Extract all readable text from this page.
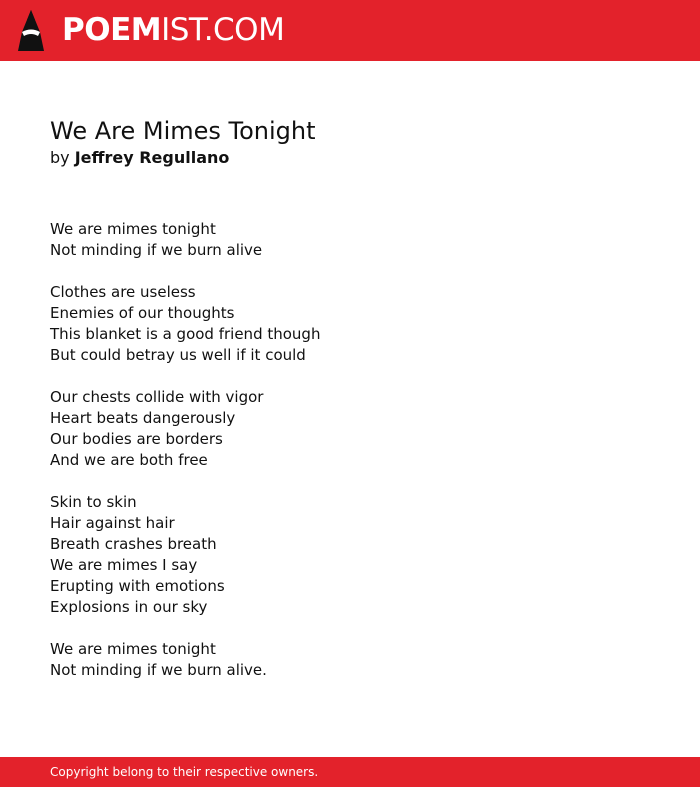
POEMIST.COM
We Are Mimes Tonight
by Jeffrey Regullano
We are mimes tonight
Not minding if we burn alive
Clothes are useless
Enemies of our thoughts
This blanket is a good friend though
But could betray us well if it could
Our chests collide with vigor
Heart beats dangerously
Our bodies are borders
And we are both free
Skin to skin
Hair against hair
Breath crashes breath
We are mimes I say
Erupting with emotions
Explosions in our sky
We are mimes tonight
Not minding if we burn alive.
Copyright belong to their respective owners.
